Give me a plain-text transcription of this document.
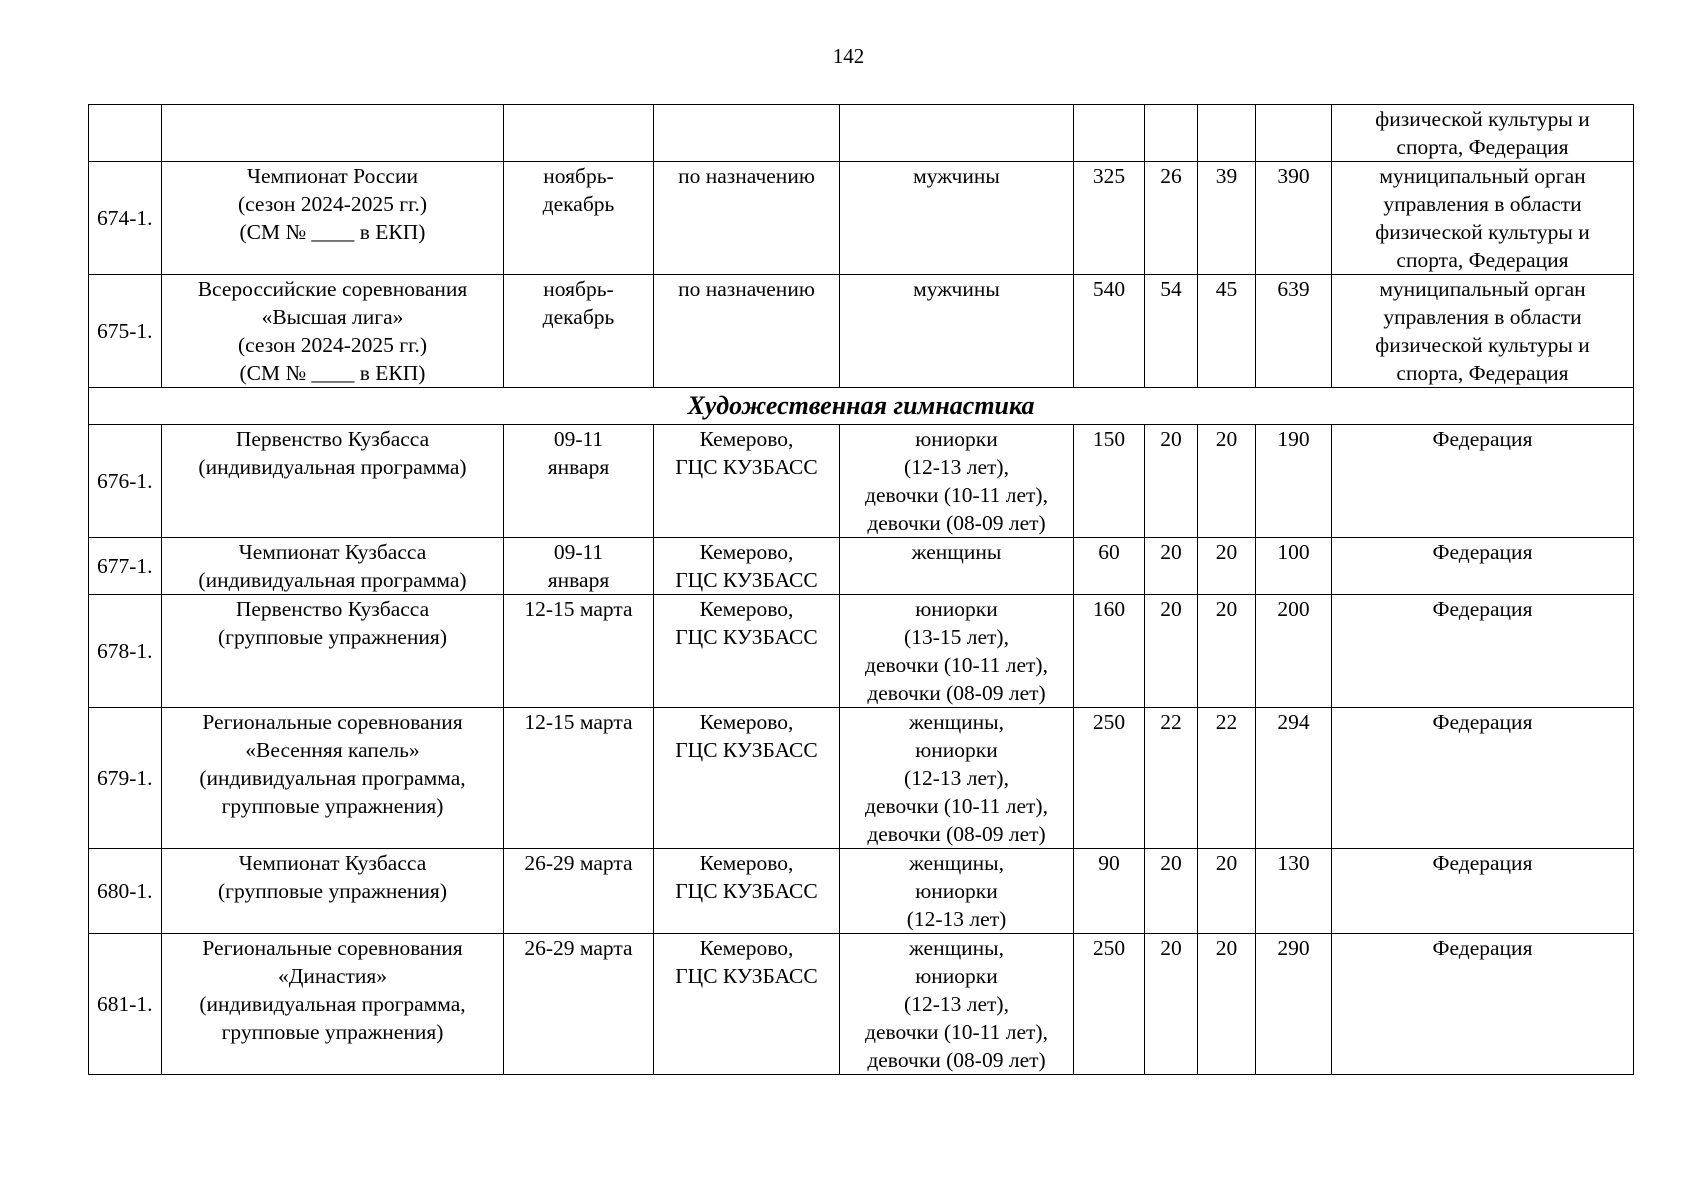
142

									физической культуры и
спорта, Федерация

674-1.	Чемпионат России
(сезон 2024-2025 гг.)
(СМ № ____ в ЕКП)	ноябрь-
декабрь	по назначению	мужчины	325	26	39	390	муниципальный орган
управления в области
физической культуры и
спорта, Федерация

675-1.	Всероссийские соревнования
«Высшая лига»
(сезон 2024-2025 гг.)
(СМ № ____ в ЕКП)	ноябрь-
декабрь	по назначению	мужчины	540	54	45	639	муниципальный орган
управления в области
физической культуры и
спорта, Федерация

Художественная гимнастика									
676-1.	Первенство Кузбасса
(индивидуальная программа)	09-11
января	Кемерово,
ГЦС КУЗБАСС	юниорки
(12-13 лет),
девочки (10-11 лет),
девочки (08-09 лет)	150	20	20	190	Федерация

677-1.	Чемпионат Кузбасса
(индивидуальная программа)	09-11
января	Кемерово,
ГЦС КУЗБАСС	женщины	60	20	20	100	Федерация

678-1.	Первенство Кузбасса
(групповые упражнения)	12-15 марта	Кемерово,
ГЦС КУЗБАСС	юниорки
(13-15 лет),
девочки (10-11 лет),
девочки (08-09 лет)	160	20	20	200	Федерация

679-1.	Региональные соревнования
«Весенняя капель»
(индивидуальная программа,
групповые упражнения)	12-15 марта	Кемерово,
ГЦС КУЗБАСС	женщины,
юниорки
(12-13 лет),
девочки (10-11 лет),
девочки (08-09 лет)	250	22	22	294	Федерация

680-1.	Чемпионат Кузбасса
(групповые упражнения)	26-29 марта	Кемерово,
ГЦС КУЗБАСС	женщины,
юниорки
(12-13 лет)	90	20	20	130	Федерация

681-1.	Региональные соревнования
«Династия»
(индивидуальная программа,
групповые упражнения)	26-29 марта	Кемерово,
ГЦС КУЗБАСС	женщины,
юниорки
(12-13 лет),
девочки (10-11 лет),
девочки (08-09 лет)	250	20	20	290	Федерация
